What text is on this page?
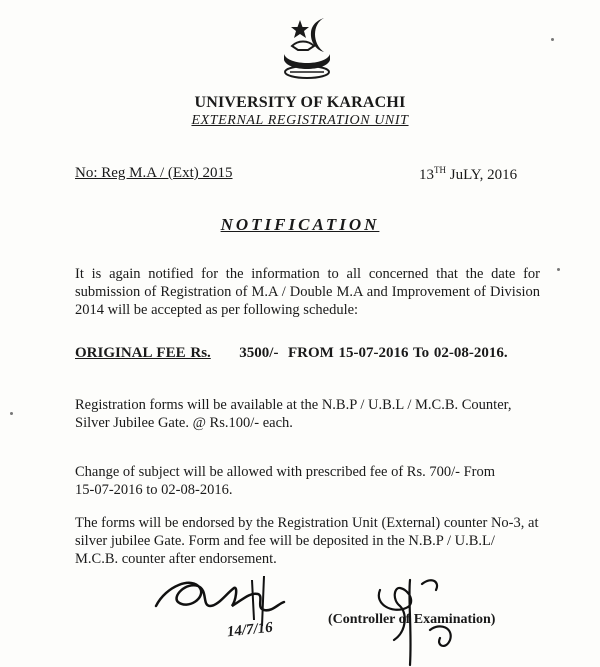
UNIVERSITY OF KARACHI
EXTERNAL REGISTRATION UNIT
No: Reg M.A / (Ext) 2015	13TH JuLY, 2016
NOTIFICATION
It is again notified for the information to all concerned that the date for submission of Registration of M.A / Double M.A and Improvement of Division 2014 will be accepted as per following schedule:
ORIGINAL FEE Rs. 3500/- FROM 15-07-2016 To 02-08-2016.
Registration forms will be available at the N.B.P / U.B.L / M.C.B. Counter, Silver Jubilee Gate. @ Rs.100/- each.
Change of subject will be allowed with prescribed fee of Rs. 700/- From
15-07-2016 to 02-08-2016.
The forms will be endorsed by the Registration Unit (External) counter No-3, at silver jubilee Gate. Form and fee will be deposited in the N.B.P / U.B.L/ M.C.B. counter after endorsement.
14/7/16
(Controller of Examination)
